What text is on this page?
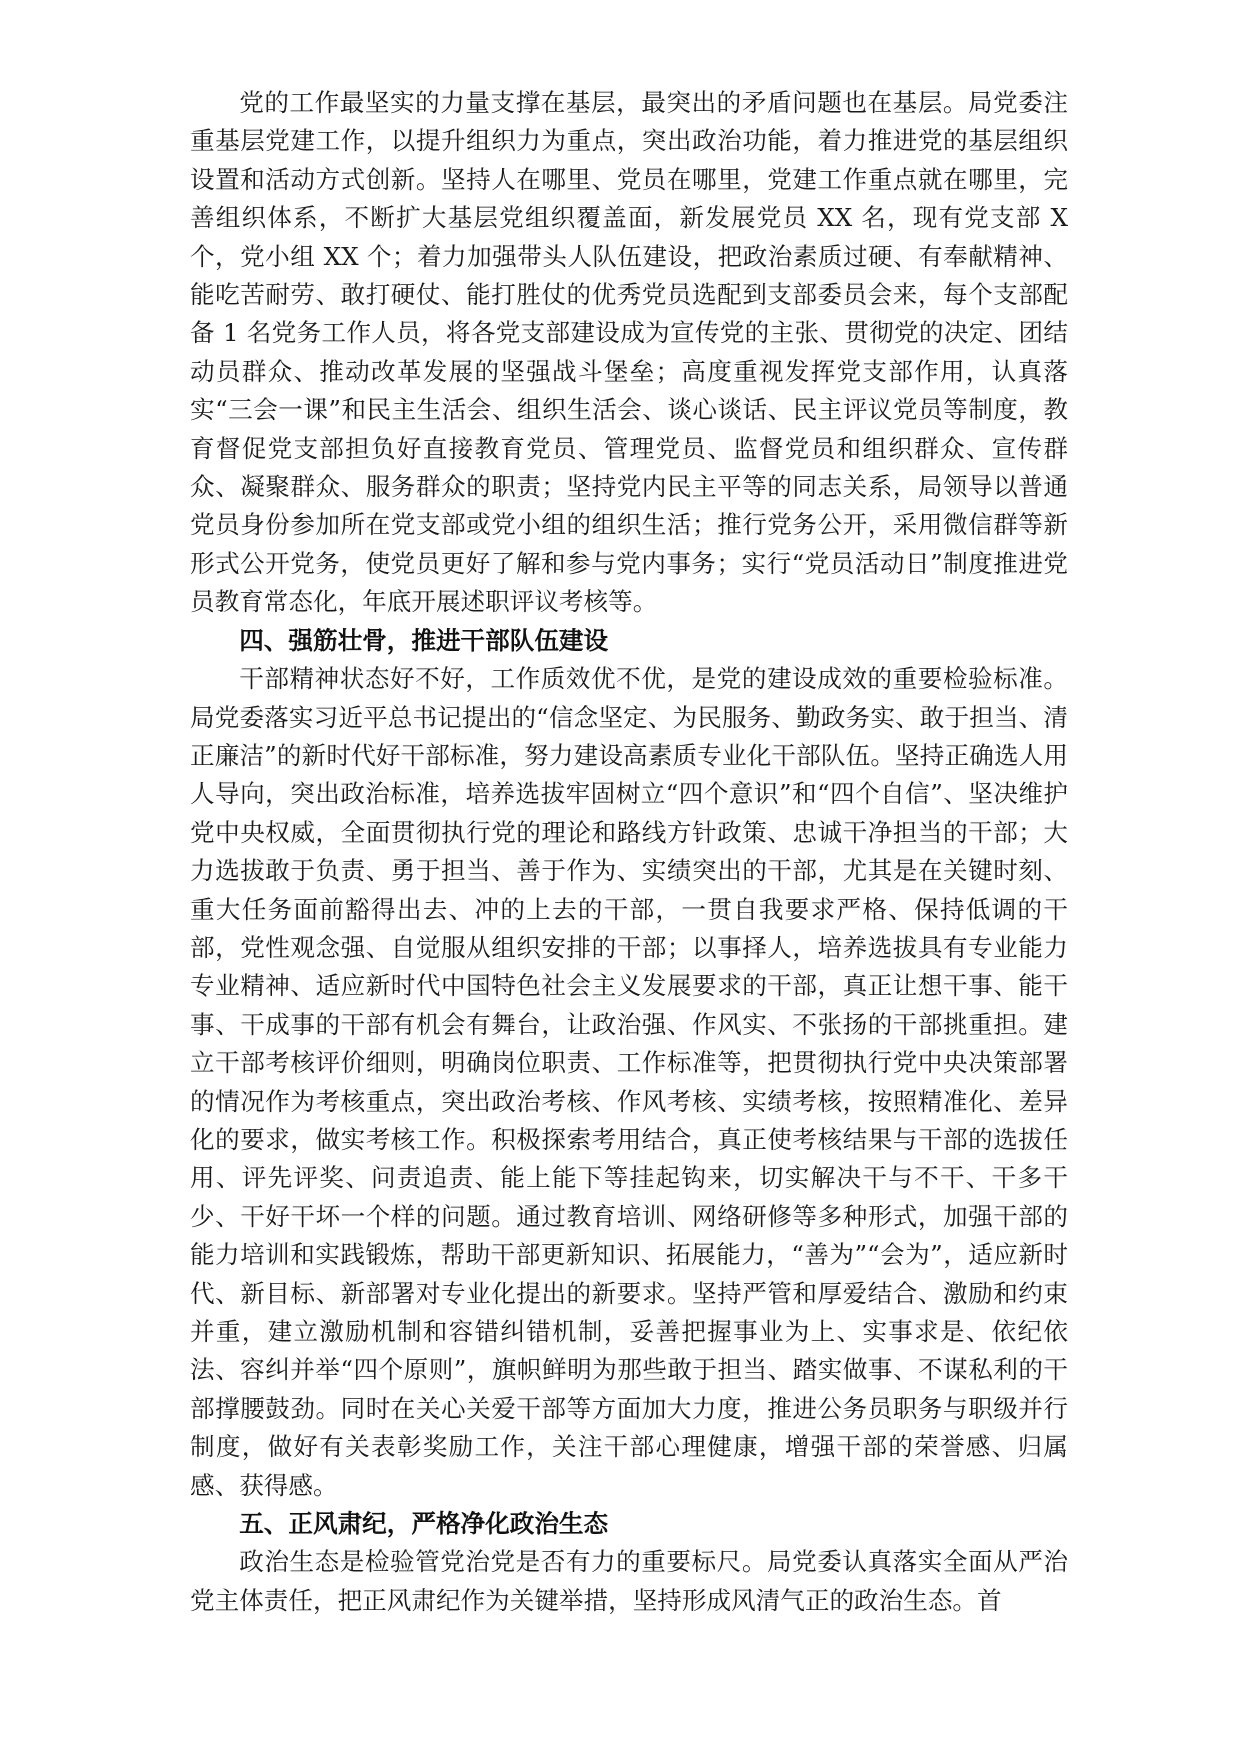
党的工作最坚实的力量支撑在基层，最突出的矛盾问题也在基层。局党委注重基层党建工作，以提升组织力为重点，突出政治功能，着力推进党的基层组织设置和活动方式创新。坚持人在哪里、党员在哪里，党建工作重点就在哪里，完善组织体系，不断扩大基层党组织覆盖面，新发展党员 XX 名，现有党支部 X 个，党小组 XX 个；着力加强带头人队伍建设，把政治素质过硬、有奉献精神、能吃苦耐劳、敢打硬仗、能打胜仗的优秀党员选配到支部委员会来，每个支部配备 1 名党务工作人员，将各党支部建设成为宣传党的主张、贯彻党的决定、团结动员群众、推动改革发展的坚强战斗堡垒；高度重视发挥党支部作用，认真落实“三会一课”和民主生活会、组织生活会、谈心谈话、民主评议党员等制度，教育督促党支部担负好直接教育党员、管理党员、监督党员和组织群众、宣传群众、凝聚群众、服务群众的职责；坚持党内民主平等的同志关系，局领导以普通党员身份参加所在党支部或党小组的组织生活；推行党务公开，采用微信群等新形式公开党务，使党员更好了解和参与党内事务；实行“党员活动日”制度推进党员教育常态化，年底开展述职评议考核等。

四、强筋壮骨，推进干部队伍建设

干部精神状态好不好，工作质效优不优，是党的建设成效的重要检验标准。局党委落实习近平总书记提出的“信念坚定、为民服务、勤政务实、敢于担当、清正廉洁”的新时代好干部标准，努力建设高素质专业化干部队伍。坚持正确选人用人导向，突出政治标准，培养选拔牢固树立“四个意识”和“四个自信”、坚决维护党中央权威，全面贯彻执行党的理论和路线方针政策、忠诚干净担当的干部；大力选拔敢于负责、勇于担当、善于作为、实绩突出的干部，尤其是在关键时刻、重大任务面前豁得出去、冲的上去的干部，一贯自我要求严格、保持低调的干部，党性观念强、自觉服从组织安排的干部；以事择人，培养选拔具有专业能力专业精神、适应新时代中国特色社会主义发展要求的干部，真正让想干事、能干事、干成事的干部有机会有舞台，让政治强、作风实、不张扬的干部挑重担。建立干部考核评价细则，明确岗位职责、工作标准等，把贯彻执行党中央决策部署的情况作为考核重点，突出政治考核、作风考核、实绩考核，按照精准化、差异化的要求，做实考核工作。积极探索考用结合，真正使考核结果与干部的选拔任用、评先评奖、问责追责、能上能下等挂起钩来，切实解决干与不干、干多干少、干好干坏一个样的问题。通过教育培训、网络研修等多种形式，加强干部的能力培训和实践锻炼，帮助干部更新知识、拓展能力，“善为”“会为”，适应新时代、新目标、新部署对专业化提出的新要求。坚持严管和厚爱结合、激励和约束并重，建立激励机制和容错纠错机制，妥善把握事业为上、实事求是、依纪依法、容纠并举“四个原则”，旗帜鲜明为那些敢于担当、踏实做事、不谋私利的干部撑腰鼓劲。同时在关心关爱干部等方面加大力度，推进公务员职务与职级并行制度，做好有关表彰奖励工作，关注干部心理健康，增强干部的荣誉感、归属感、获得感。

五、正风肃纪，严格净化政治生态

政治生态是检验管党治党是否有力的重要标尺。局党委认真落实全面从严治党主体责任，把正风肃纪作为关键举措，坚持形成风清气正的政治生态。首
